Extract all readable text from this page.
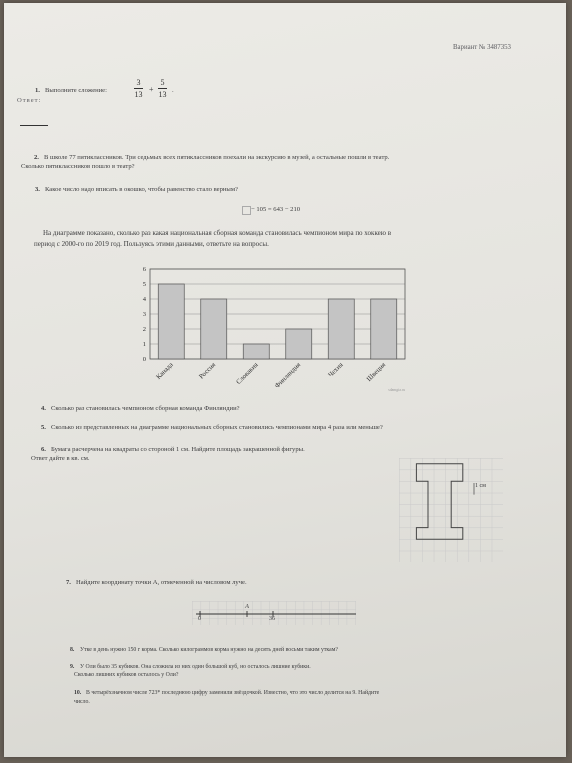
Вариант № 3487353
1. Выполните сложение:
3
13
+
5
13 .
Ответ:
2. В школе 77 пятиклассников. Три седьмых всех пятиклассников поехали на экскурсию в музей, а остальные пошли в театр.
Сколько пятиклассников пошло в театр?
3. Какое число надо вписать в окошко, чтобы равенство стало верным?
− 105 = 643 − 210
На диаграмме показано, сколько раз какая национальная сборная команда становилась чемпионом мира по хоккею в
период с 2000-го по 2019 год. Пользуясь этими данными, ответьте на вопросы.
0
1
2
3
4
5
6
Канада	Россия	Словакия Финляндия	Чехия	Швеция
sdamgia.ru
4. Сколько раз становилась чемпионом сборная команда Финляндии?
5. Сколько из представленных на диаграмме национальных сборных становились чемпионами мира 4 раза или меньше?
6. Бумага расчерчена на квадраты со стороной 1 см. Найдите площадь закрашенной фигуры.
Ответ дайте в кв. см.
1 см
7. Найдите координату точки A, отмеченной на числовом луче.
0	36
A
8. Утке в день нужно 150 г корма. Сколько килограммов корма нужно на десять дней восьми таким уткам?
9. У Оли было 35 кубиков. Она сложила из них один большой куб, но осталось лишние кубики.
Сколько лишних кубиков осталось у Оли?
10. В четырёхзначном числе 723* последнюю цифру заменили звёздочкой. Известно, что это число делится на 9. Найдите
число.
